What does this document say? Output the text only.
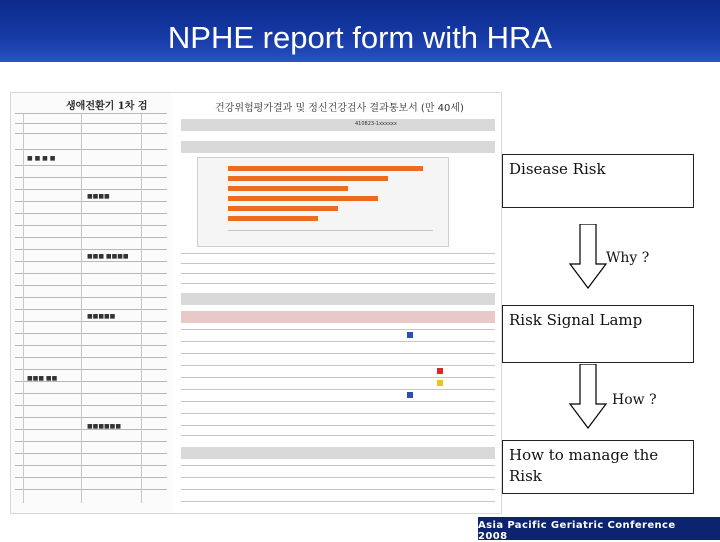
NPHE report form with HRA
생애전환기 1차 검
■ ■ ■ ■
■■■■
■■■ ■■■■
■■■■■
■■■ ■■
■■■■■■
건강위험평가결과 및 정신건강검사 결과통보서 (만 40세)
410823-1xxxxxx
Disease Risk
Risk Signal Lamp
How to manage the Risk
Why ?
How ?
Asia Pacific Geriatric Conference 2008
